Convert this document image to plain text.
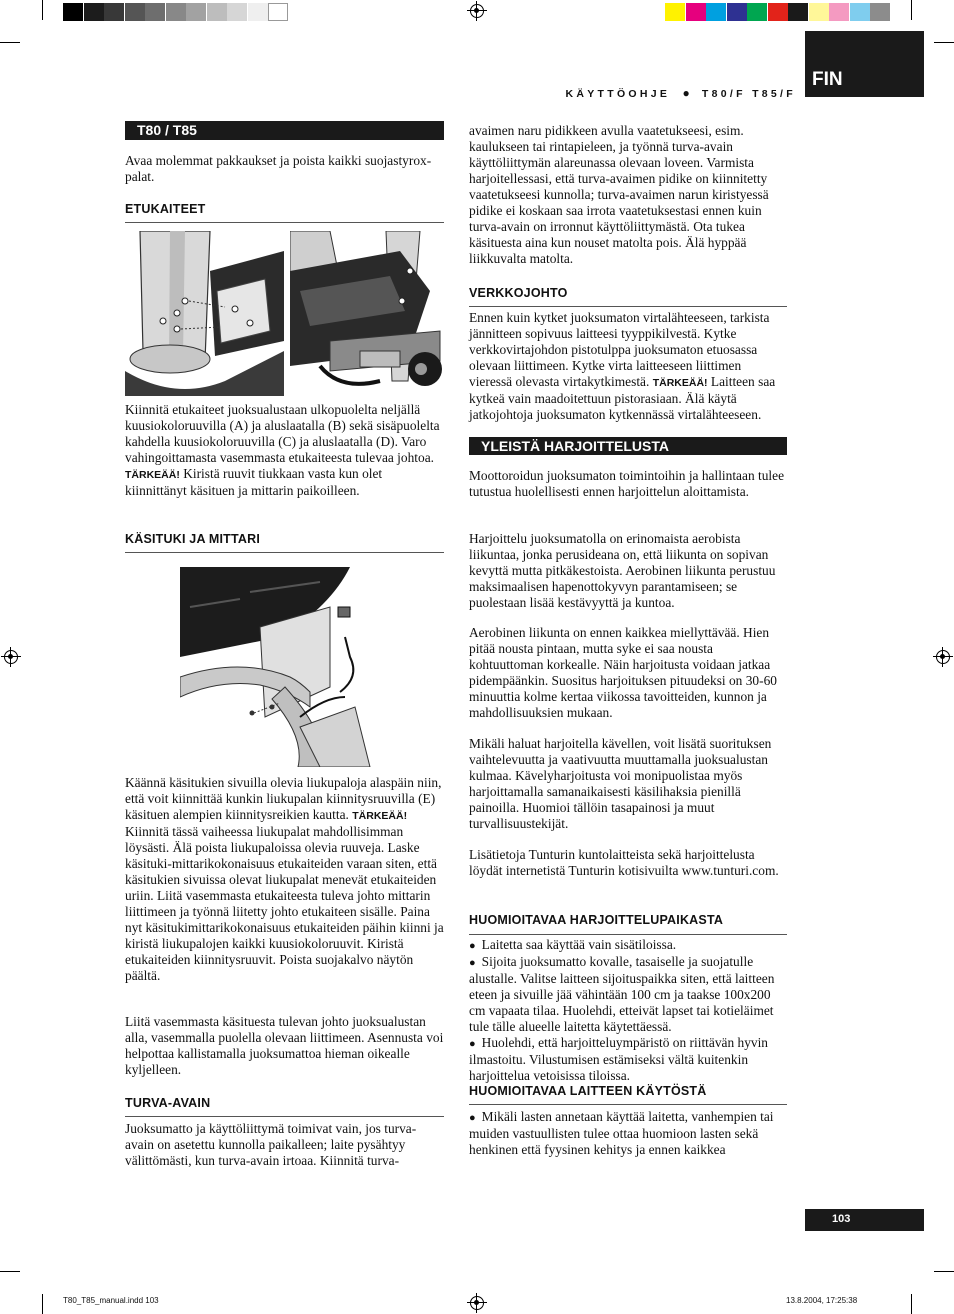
KÄYTTÖOHJE ● T80/F T85/F
FIN
T80 / T85

Avaa molemmat pakkaukset ja poista kaikki suojastyrox-palat.

ETUKAITEET
Kiinnitä etukaiteet juoksualustaan ulkopuolelta neljällä kuusiokoloruuvilla (A) ja aluslaatalla (B) sekä sisäpuolelta kahdella kuusiokoloruuvilla (C) ja aluslaatalla (D). Varo vahingoittamasta vasemmasta etukaiteesta tulevaa johtoa. TÄRKEÄÄ! Kiristä ruuvit tiukkaan vasta kun olet kiinnittänyt käsituen ja mittarin paikoilleen.
KÄSITUKI JA MITTARI
Käännä käsitukien sivuilla olevia liukupaloja alaspäin niin, että voit kiinnittää kunkin liukupalan kiinnitysruuvilla (E) käsituen alempien kiinnitysreikien kautta. TÄRKEÄÄ! Kiinnitä tässä vaiheessa liukupalat mahdollisimman löysästi. Älä poista liukupaloissa olevia ruuveja. Laske käsituki-mittarikokonaisuus etukaiteiden varaan siten, että käsitukien sivuissa olevat liukupalat menevät etukaiteiden uriin. Liitä vasemmasta etukaiteesta tuleva johto mittarin liittimeen ja työnnä liitetty johto etukaiteen sisälle. Paina nyt käsitukimittarikokonaisuus etukaiteiden päihin kiinni ja kiristä liukupalojen kaikki kuusiokoloruuvit. Kiristä etukaiteiden kiinnitysruuvit. Poista suojakalvo näytön päältä.

Liitä vasemmasta käsituesta tulevan johto juoksualustan alla, vasemmalla puolella olevaan liittimeen. Asennusta voi helpottaa kallistamalla juoksumattoa hieman oikealle kyljelleen.

TURVA-AVAIN

Juoksumatto ja käyttöliittymä toimivat vain, jos turva-avain on asetettu kunnolla paikalleen; laite pysähtyy välittömästi, kun turva-avain irtoaa. Kiinnitä turva-

avaimen naru pidikkeen avulla vaatetukseesi, esim. kaulukseen tai rintapieleen, ja työnnä turva-avain käyttöliittymän alareunassa olevaan loveen. Varmista harjoitellessasi, että turva-avaimen pidike on kiinnitetty vaatetukseesi kunnolla; turva-avaimen narun kiristyessä pidike ei koskaan saa irrota vaatetuksestasi ennen kuin turva-avain on irronnut käyttöliittymästä. Ota tukea käsituesta aina kun nouset matolta pois. Älä hyppää liikkuvalta matolta.

VERKKOJOHTO
Ennen kuin kytket juoksumaton virtalähteeseen, tarkista jännitteen sopivuus laitteesi tyyppikilvestä. Kytke verkkovirtajohdon pistotulppa juoksumaton etuosassa olevaan liittimeen. Kytke virta laitteeseen liittimen vieressä olevasta virtakytkimestä. TÄRKEÄÄ! Laitteen saa kytkeä vain maadoitettuun pistorasiaan. Älä käytä jatkojohtoja juoksumaton kytkennässä virtalähteeseen.
YLEISTÄ HARJOITTELUSTA

Moottoroidun juoksumaton toimintoihin ja hallintaan tulee tutustua huolellisesti ennen harjoittelun aloittamista.

Harjoittelu juoksumatolla on erinomaista aerobista liikuntaa, jonka perusideana on, että liikunta on sopivan kevyttä mutta pitkäkestoista. Aerobinen liikunta perustuu maksimaalisen hapenottokyvyn parantamiseen; se puolestaan lisää kestävyyttä ja kuntoa.

Aerobinen liikunta on ennen kaikkea miellyttävää. Hien pitää nousta pintaan, mutta syke ei saa nousta kohtuuttoman korkealle. Näin harjoitusta voidaan jatkaa pidempäänkin. Suositus harjoituksen pituudeksi on 30-60 minuuttia kolme kertaa viikossa tavoitteiden, kunnon ja mahdollisuuksien mukaan.

Mikäli haluat harjoitella kävellen, voit lisätä suorituksen vaihtelevuutta ja vaativuutta muuttamalla juoksualustan kulmaa. Kävelyharjoitusta voi monipuolistaa myös harjoittamalla samanaikaisesti käsilihaksia pienillä painoilla. Huomioi tällöin tasapainosi ja muut turvallisuustekijät.

Lisätietoja Tunturin kuntolaitteista sekä harjoittelusta löydät internetistä Tunturin kotisivuilta www.tunturi.com.

HUOMIOITAVAA HARJOITTELUPAIKASTA

● Laitetta saa käyttää vain sisätiloissa.

● Sijoita juoksumatto kovalle, tasaiselle ja suojatulle alustalle. Valitse laitteen sijoituspaikka siten, että laitteen eteen ja sivuille jää vähintään 100 cm ja taakse 100x200 cm vapaata tilaa. Huolehdi, etteivät lapset tai kotieläimet tule tälle alueelle laitetta käytettäessä.

● Huolehdi, että harjoitteluympäristö on riittävän hyvin ilmastoitu. Vilustumisen estämiseksi vältä kuitenkin harjoittelua vetoisissa tiloissa.

HUOMIOITAVAA LAITTEEN KÄYTÖSTÄ

● Mikäli lasten annetaan käyttää laitetta, vanhempien tai muiden vastuullisten tulee ottaa huomioon lasten sekä henkinen että fyysinen kehitys ja ennen kaikkea

103
T80_T85_manual.indd 103	13.8.2004, 17:25:38
